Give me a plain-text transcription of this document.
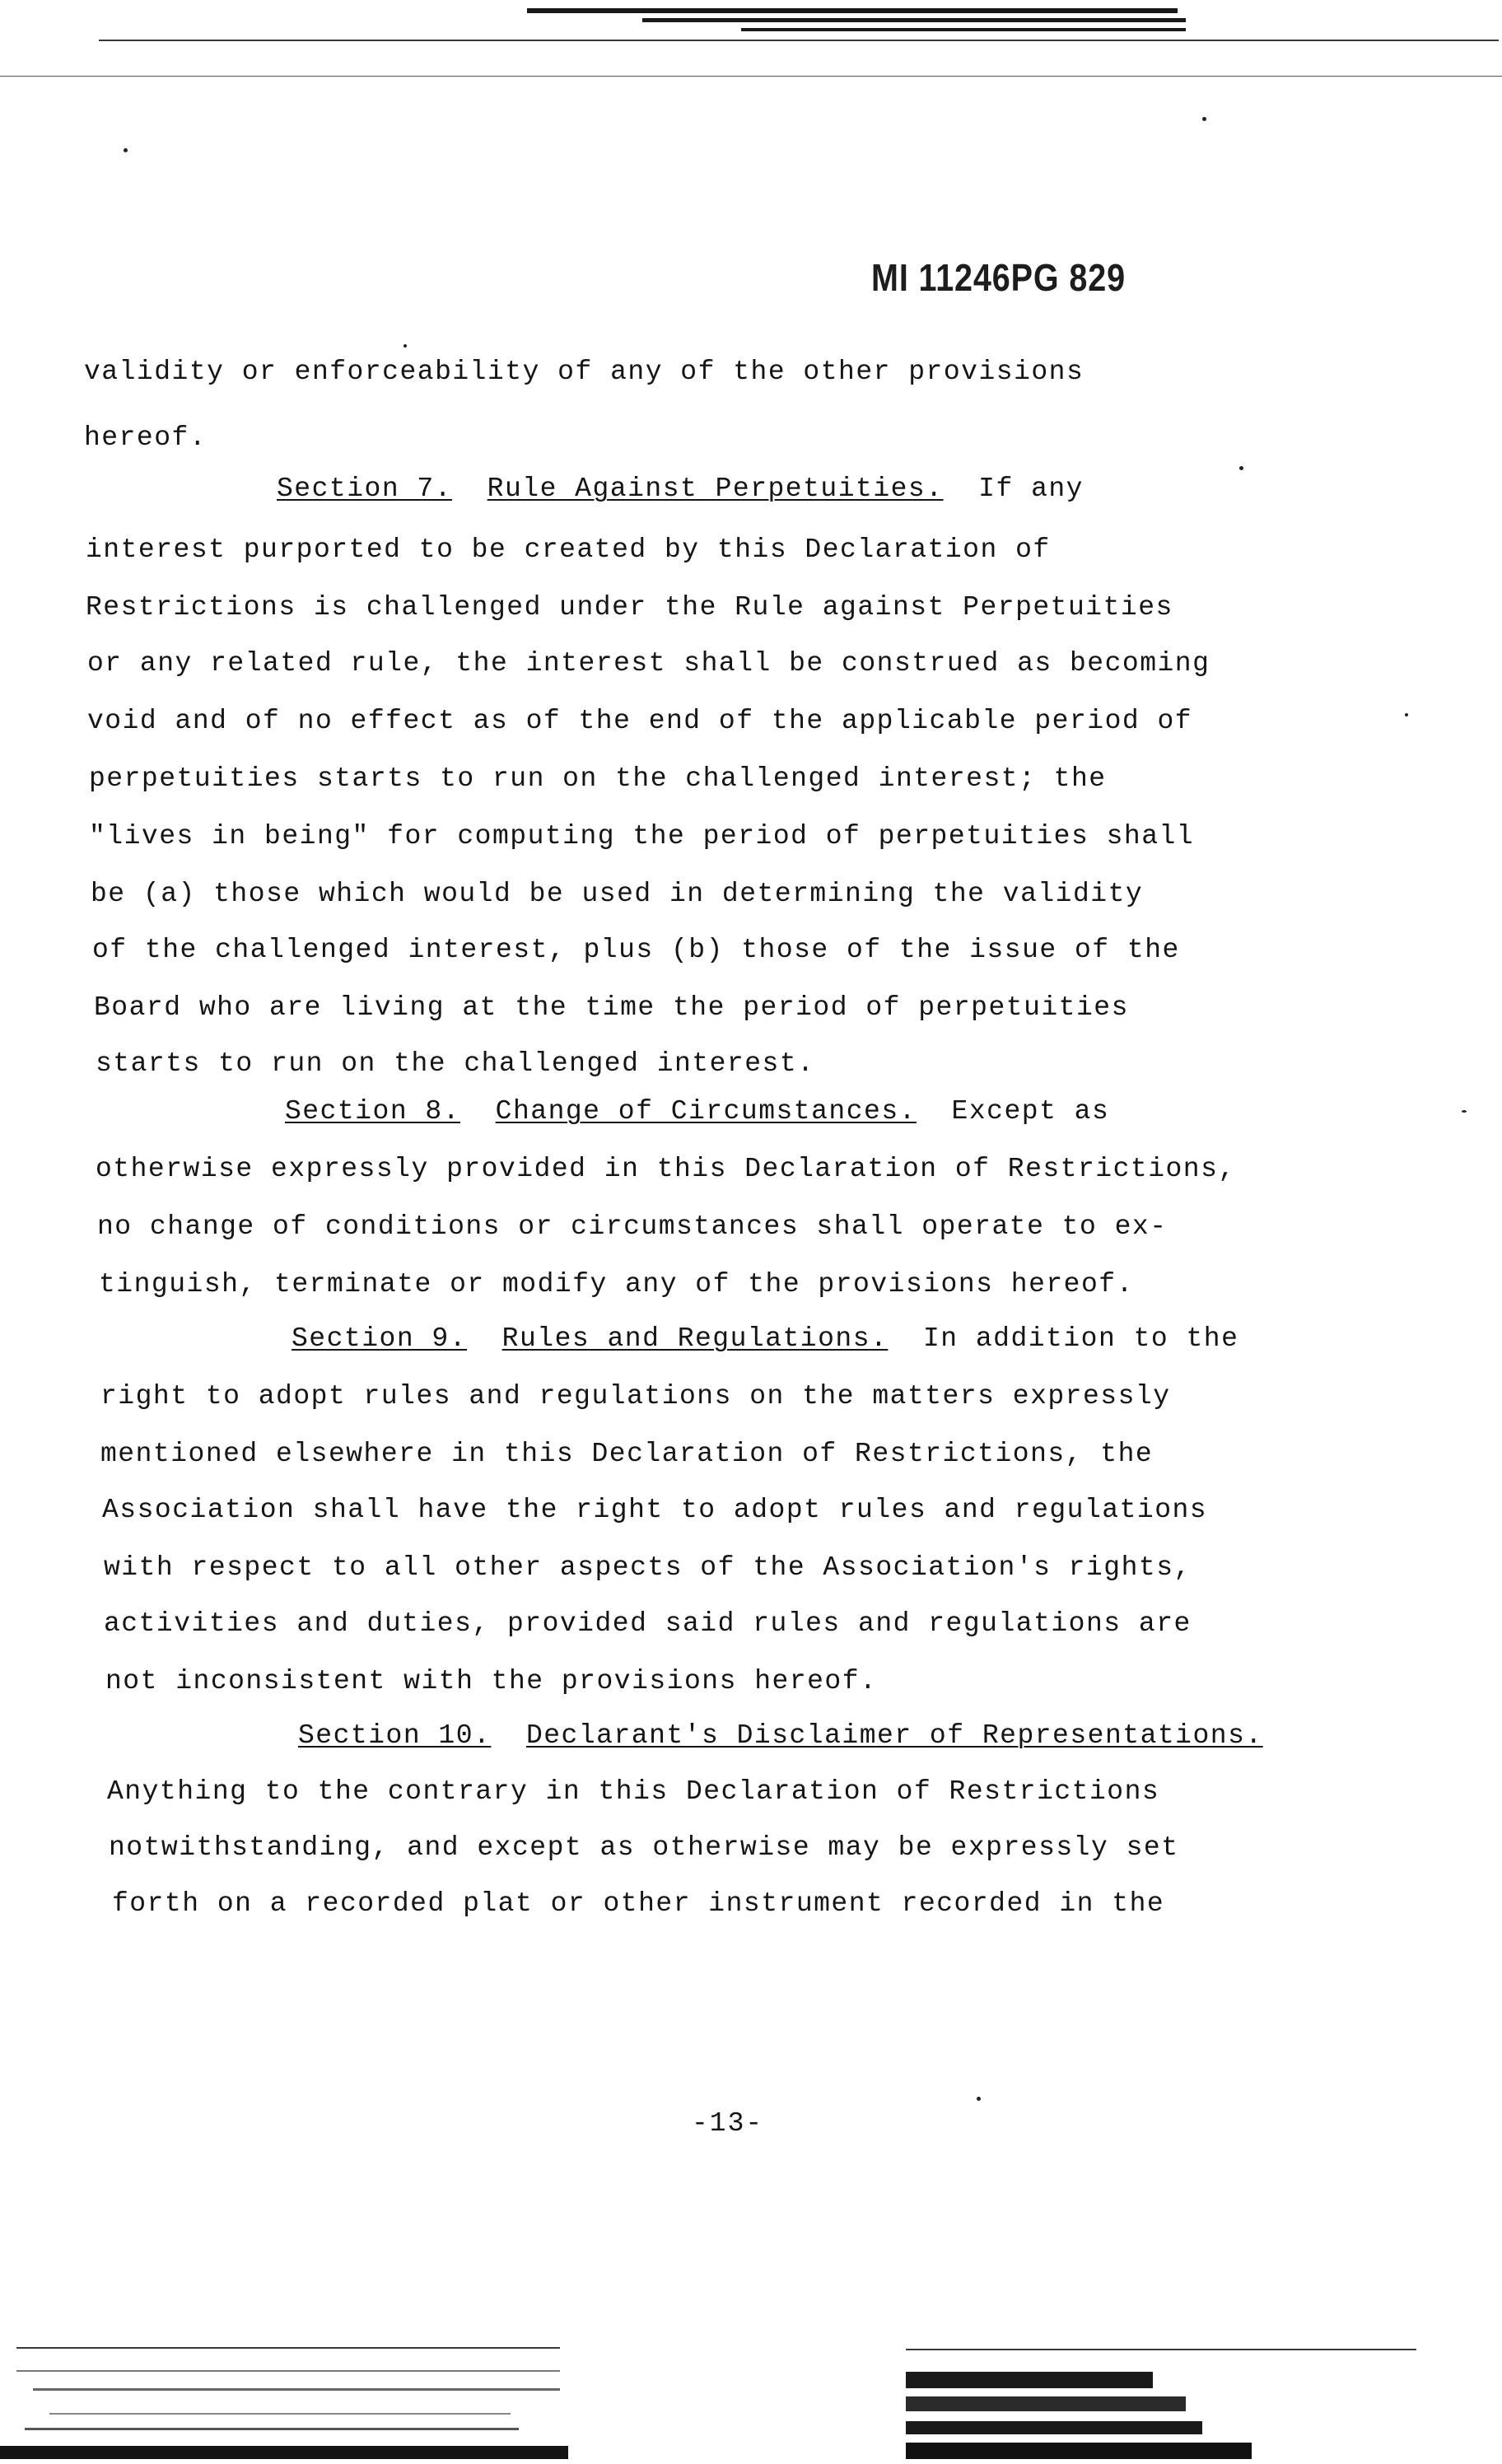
MI 11246PG 829
validity or enforceability of any of the other provisions
hereof.
Section 7. Rule Against Perpetuities. If any
interest purported to be created by this Declaration of
Restrictions is challenged under the Rule against Perpetuities
or any related rule, the interest shall be construed as becoming
void and of no effect as of the end of the applicable period of
perpetuities starts to run on the challenged interest; the
"lives in being" for computing the period of perpetuities shall
be (a) those which would be used in determining the validity
of the challenged interest, plus (b) those of the issue of the
Board who are living at the time the period of perpetuities
starts to run on the challenged interest.
Section 8. Change of Circumstances. Except as
otherwise expressly provided in this Declaration of Restrictions,
no change of conditions or circumstances shall operate to ex-
tinguish, terminate or modify any of the provisions hereof.
Section 9. Rules and Regulations. In addition to the
right to adopt rules and regulations on the matters expressly
mentioned elsewhere in this Declaration of Restrictions, the
Association shall have the right to adopt rules and regulations
with respect to all other aspects of the Association's rights,
activities and duties, provided said rules and regulations are
not inconsistent with the provisions hereof.
Section 10. Declarant's Disclaimer of Representations.
Anything to the contrary in this Declaration of Restrictions
notwithstanding, and except as otherwise may be expressly set
forth on a recorded plat or other instrument recorded in the
-13-
